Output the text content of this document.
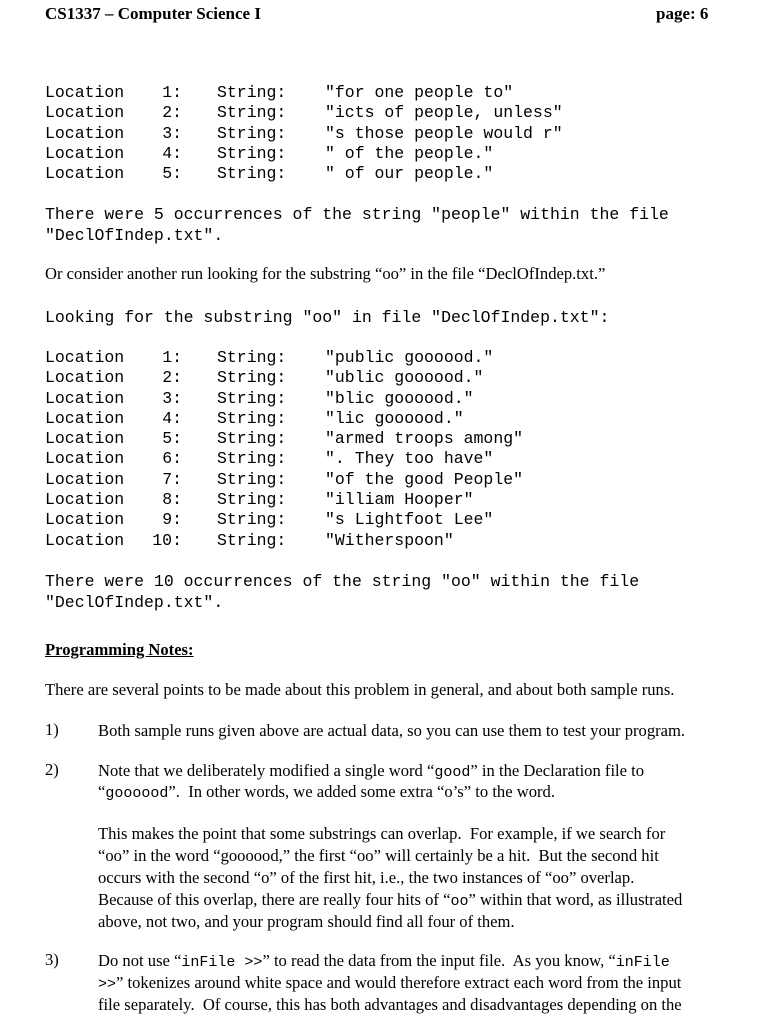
CS1337 – Computer Science I	page: 6
Location	1: String: "for one people to"
Location	2: String: "icts of people, unless"
Location	3: String: "s those people would r"
Location	4: String: " of the people."
Location	5: String: " of our people."
There were 5 occurrences of the string "people" within the file
"DeclOfIndep.txt".
Or consider another run looking for the substring “oo” in the file “DeclOfIndep.txt.”
Looking for the substring "oo" in file "DeclOfIndep.txt":
Location	1: String: "public goooood."
Location	2: String: "ublic goooood."
Location	3: String: "blic goooood."
Location	4: String: "lic goooood."
Location	5: String: "armed troops among"
Location	6: String: ". They too have"
Location	7: String: "of the good People"
Location	8: String: "illiam Hooper"
Location	9: String: "s Lightfoot Lee"
Location 10: String: "Witherspoon"
There were 10 occurrences of the string "oo" within the file
"DeclOfIndep.txt".
Programming Notes:
There are several points to be made about this problem in general, and about both sample runs.
1) Both sample runs given above are actual data, so you can use them to test your program.
2) Note that we deliberately modified a single word “good” in the Declaration file to
“goooood”.  In other words, we added some extra “o’s” to the word.
This makes the point that some substrings can overlap.  For example, if we search for
“oo” in the word “goooood,” the first “oo” will certainly be a hit.  But the second hit
occurs with the second “o” of the first hit, i.e., the two instances of “oo” overlap.
Because of this overlap, there are really four hits of “oo” within that word, as illustrated
above, not two, and your program should find all four of them.
3) Do not use “inFile >>” to read the data from the input file.  As you know, “inFile
>>” tokenizes around white space and would therefore extract each word from the input
file separately.  Of course, this has both advantages and disadvantages depending on the
